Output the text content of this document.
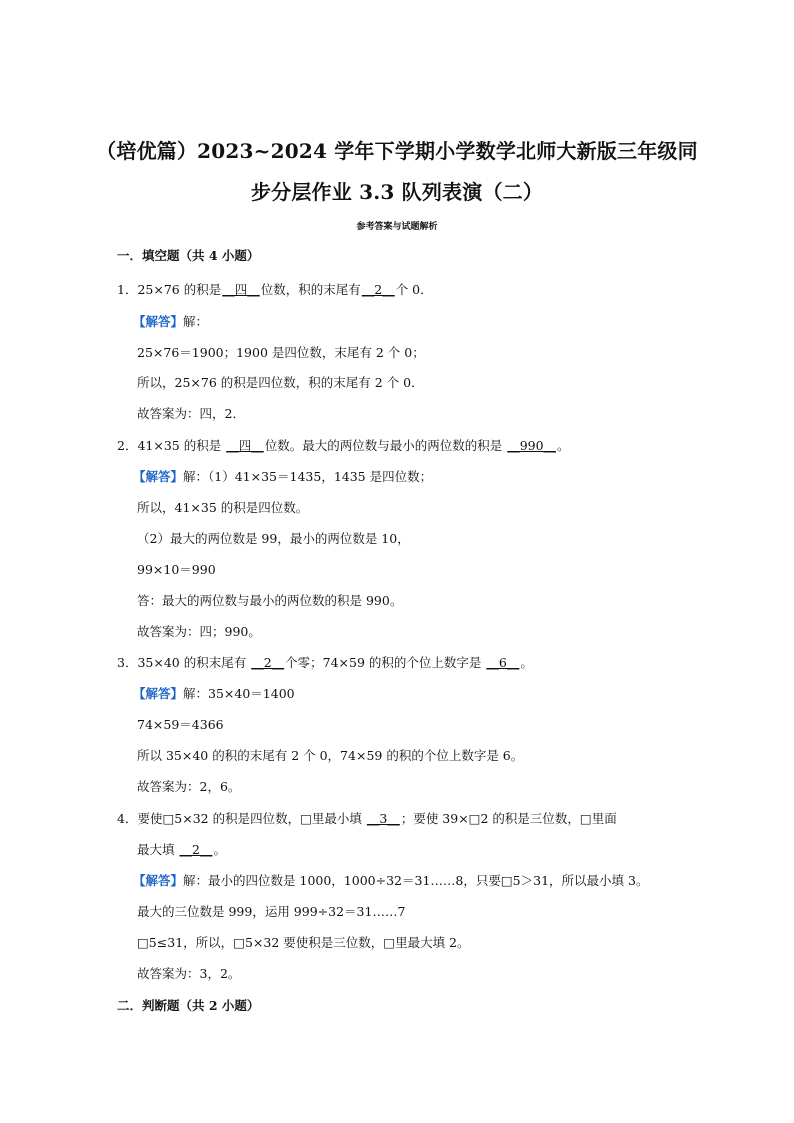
（培优篇）2023~2024 学年下学期小学数学北师大新版三年级同
步分层作业 3.3 队列表演（二）
参考答案与试题解析
一．填空题（共 4 小题）
1．25×76 的积是__四__位数，积的末尾有__2__个 0．
【解答】解：
25×76＝1900；1900 是四位数，末尾有 2 个 0；
所以，25×76 的积是四位数，积的末尾有 2 个 0．
故答案为：四，2．
2．41×35 的积是 __四__位数。最大的两位数与最小的两位数的积是 __990__。
【解答】解：（1）41×35＝1435，1435 是四位数；
所以，41×35 的积是四位数。
（2）最大的两位数是 99，最小的两位数是 10，
99×10＝990
答：最大的两位数与最小的两位数的积是 990。
故答案为：四；990。
3．35×40 的积末尾有 __2__个零；74×59 的积的个位上数字是 __6__。
【解答】解：35×40＝1400
74×59＝4366
所以 35×40 的积的末尾有 2 个 0，74×59 的积的个位上数字是 6。
故答案为：2，6。
4．要使□5×32 的积是四位数，□里最小填 __3__；要使 39×□2 的积是三位数，□里面
最大填 __2__。
【解答】解：最小的四位数是 1000，1000÷32＝31……8，只要□5＞31，所以最小填 3。
最大的三位数是 999，运用 999÷32＝31……7
□5≤31，所以，□5×32 要使积是三位数，□里最大填 2。
故答案为：3，2。
二．判断题（共 2 小题）
